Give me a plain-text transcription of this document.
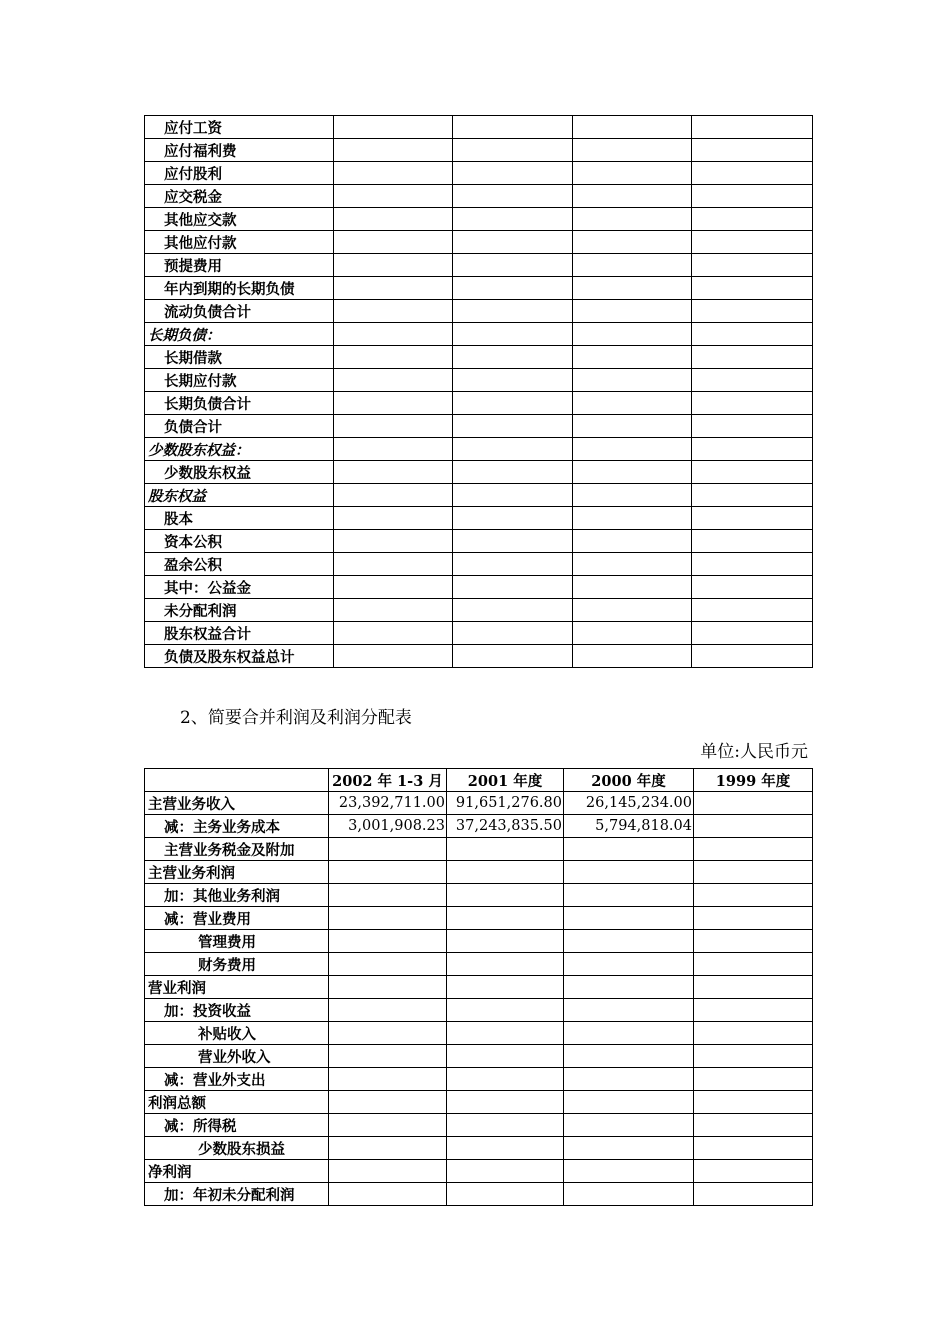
应付工资				
应付福利费				
应付股利				
应交税金				
其他应交款				
其他应付款				
预提费用				
年内到期的长期负债				
流动负债合计				
长期负债：				
长期借款				
长期应付款				
长期负债合计				
负债合计				
少数股东权益：				
少数股东权益				
股东权益				
股本				
资本公积				
盈余公积				
其中：公益金				
未分配利润				
股东权益合计				
负债及股东权益总计				
2、简要合并利润及利润分配表
单位:人民币元
	2002 年 1-3 月	2001 年度	2000 年度	1999 年度
主营业务收入	23,392,711.00	91,651,276.80	26,145,234.00	
减：主务业务成本	3,001,908.23	37,243,835.50	5,794,818.04	
主营业务税金及附加				
主营业务利润				
加：其他业务利润				
减：营业费用				
管理费用				
财务费用				
营业利润				
加：投资收益				
补贴收入				
营业外收入				
减：营业外支出				
利润总额				
减：所得税				
少数股东损益				
净利润				
加：年初未分配利润				
